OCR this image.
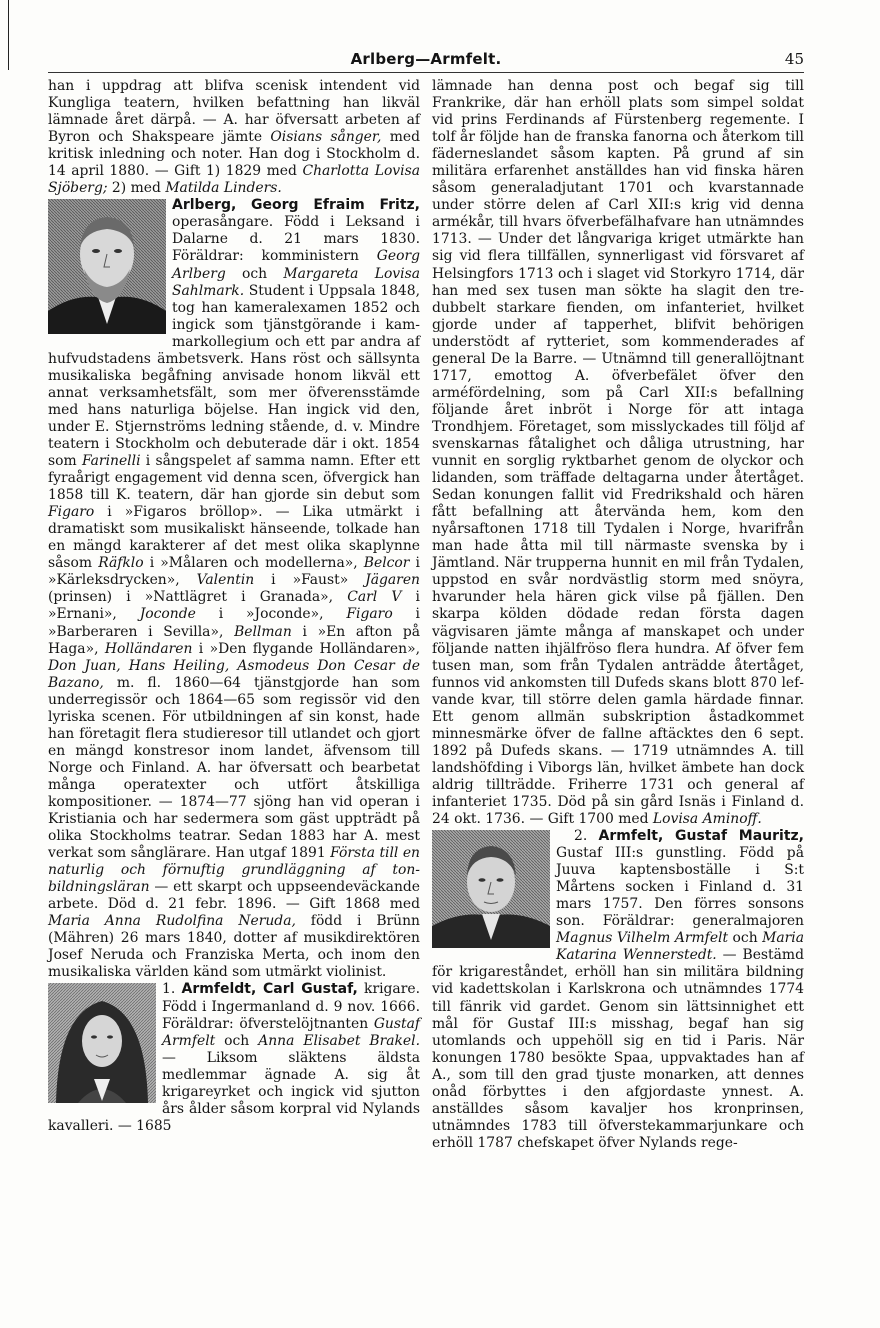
Arlberg—Armfelt.	45

han i uppdrag att blifva scenisk intendent vid Kungliga teatern, hvilken befattning han likväl lämnade året därpå. — A. har öfversatt arbeten af Byron och Shakspeare jämte Oisians sånger, med kritisk inledning och noter. Han dog i Stockholm d. 14 april 1880. — Gift 1) 1829 med Charlotta Lovisa Sjöberg; 2) med Matilda Linders.

Arlberg, Georg Efraim Fritz,
operasångare. Född i Leksand i Dalarne d. 21 mars 1830. Föräldrar: komministern Georg Arlberg och Margareta Lovisa Sahlmark. Student i Uppsala 1848, tog han kameralexamen 1852 och ingick som tjänstgörande i kammarkollegium och ett par andra af hufvudstadens ämbetsverk. Hans röst och sällsynta musikaliska begåfning anvisade honom likväl ett annat verksamhetsfält, som mer öfverensstämde med hans naturliga böjelse. Han ingick vid den, under E. Stjernströms ledning stående, d. v. Mindre teatern i Stockholm och debuterade där i okt. 1854 som Farinelli i sångspelet af samma namn. Efter ett fyraårigt engagement vid denna scen, öfvergick han 1858 till K. teatern, där han gjorde sin debut som Figaro i »Figaros bröllop». — Lika utmärkt i dramatiskt som musikaliskt hänseende, tolkade han en mängd karakterer af det mest olika skaplynne såsom Räfklo i »Målaren och modellerna», Belcor i »Kärleksdrycken», Valentin i »Faust» Jägaren (prinsen) i »Nattlägret i Granada», Carl V i »Ernani», Joconde i »Joconde», Figaro i »Barberaren i Sevilla», Bellman i »En afton på Haga», Holländaren i »Den flygande Holländaren», Don Juan, Hans Heiling, Asmodeus Don Cesar de Bazano, m. fl. 1860—64 tjänstgjorde han som underregissör och 1864—65 som regissör vid den lyriska scenen. För utbildningen af sin konst, hade han företagit flera studieresor till utlandet och gjort en mängd konstresor inom landet, äfvensom till Norge och Finland. A. har öfversatt och bearbetat många operatexter och utfört åtskilliga kompositioner. — 1874—77 sjöng han vid operan i Kristiania och har sedermera som gäst uppträdt på olika Stockholms teatrar. Sedan 1883 har A. mest verkat som sånglärare. Han utgaf 1891 Första till en naturlig och förnuftig grundläggning af tonbildningsläran — ett skarpt och uppseendeväckande arbete. Död d. 21 febr. 1896. — Gift 1868 med Maria Anna Rudolfina Neruda, född i Brünn (Mähren) 26 mars 1840, dotter af musikdirektören Josef Neruda och Franziska Merta, och inom den musikaliska världen känd som utmärkt violinist.

1. Armfeldt, Carl Gustaf,
krigare. Född i Ingermanland d. 9 nov. 1666. Föräldrar: öfverstelöjtnanten Gustaf Armfelt och Anna Elisabet Brakel. — Liksom släktens äldsta medlemmar ägnade A. sig åt krigareyrket och ingick vid sjutton års ålder såsom korpral vid Nylands kavalleri. — 1685

lämnade han denna post och begaf sig till Frankrike, där han erhöll plats som simpel soldat vid prins Ferdinands af Fürstenberg regemente. I tolf år följde han de franska fanorna och återkom till fäderneslandet såsom kapten. På grund af sin militära erfarenhet anställdes han vid finska hären såsom generaladjutant 1701 och kvarstannade under större delen af Carl XII:s krig vid denna armékår, till hvars öfverbefälhafvare han utnämndes 1713. — Under det långvariga kriget utmärkte han sig vid flera tillfällen, synnerligast vid försvaret af Helsingfors 1713 och i slaget vid Storkyro 1714, där han med sex tusen man sökte ha slagit den tredubbelt starkare fienden, om infanteriet, hvilket gjorde under af tapperhet, blifvit behörigen understödt af rytteriet, som kommenderades af general De la Barre. — Utnämnd till generallöjtnant 1717, emottog A. öfverbefälet öfver den arméfördelning, som på Carl XII:s befallning följande året inbröt i Norge för att intaga Trondhjem. Företaget, som misslyckades till följd af svenskarnas fåtalighet och dåliga utrustning, har vunnit en sorglig ryktbarhet genom de olyckor och lidanden, som träffade deltagarna under återtåget. Sedan konungen fallit vid Fredrikshald och hären fått befallning att återvända hem, kom den nyårsaftonen 1718 till Tydalen i Norge, hvarifrån man hade åtta mil till närmaste svenska by i Jämtland. När trupperna hunnit en mil från Tydalen, uppstod en svår nordvästlig storm med snöyra, hvarunder hela hären gick vilse på fjällen. Den skarpa kölden dödade redan första dagen vägvisaren jämte många af manskapet och under följande natten ihjälfröso flera hundra. Af öfver fem tusen man, som från Tydalen anträdde återtåget, funnos vid ankomsten till Dufeds skans blott 870 lefvande kvar, till större delen gamla härdade finnar. Ett genom allmän subskription åstadkommet minnesmärke öfver de fallne aftäcktes den 6 sept. 1892 på Dufeds skans. — 1719 utnämndes A. till landshöfding i Viborgs län, hvilket ämbete han dock aldrig tillträdde. Friherre 1731 och general af infanteriet 1735. Död på sin gård Isnäs i Finland d. 24 okt. 1736. — Gift 1700 med Lovisa Aminoff.

2. Armfelt, Gustaf Mauritz,
Gustaf III:s gunstling. Född på Juuva kaptensboställe i S:t Mårtens socken i Finland d. 31 mars 1757. Den förres sonsons son. Föräldrar: generalmajoren Magnus Vilhelm Armfelt och Maria Katarina Wennerstedt. — Bestämd för krigareståndet, erhöll han sin militära bildning vid kadettskolan i Karlskrona och utnämndes 1774 till fänrik vid gardet. Genom sin lättsinnighet ett mål för Gustaf III:s misshag, begaf han sig utomlands och uppehöll sig en tid i Paris. När konungen 1780 besökte Spaa, uppvaktades han af A., som till den grad tjuste monarken, att dennes onåd förbyttes i den afgjordaste ynnest. A. anställdes såsom kavaljer hos kronprinsen, utnämndes 1783 till öfverstekammarjunkare och erhöll 1787 chefskapet öfver Nylands rege-
